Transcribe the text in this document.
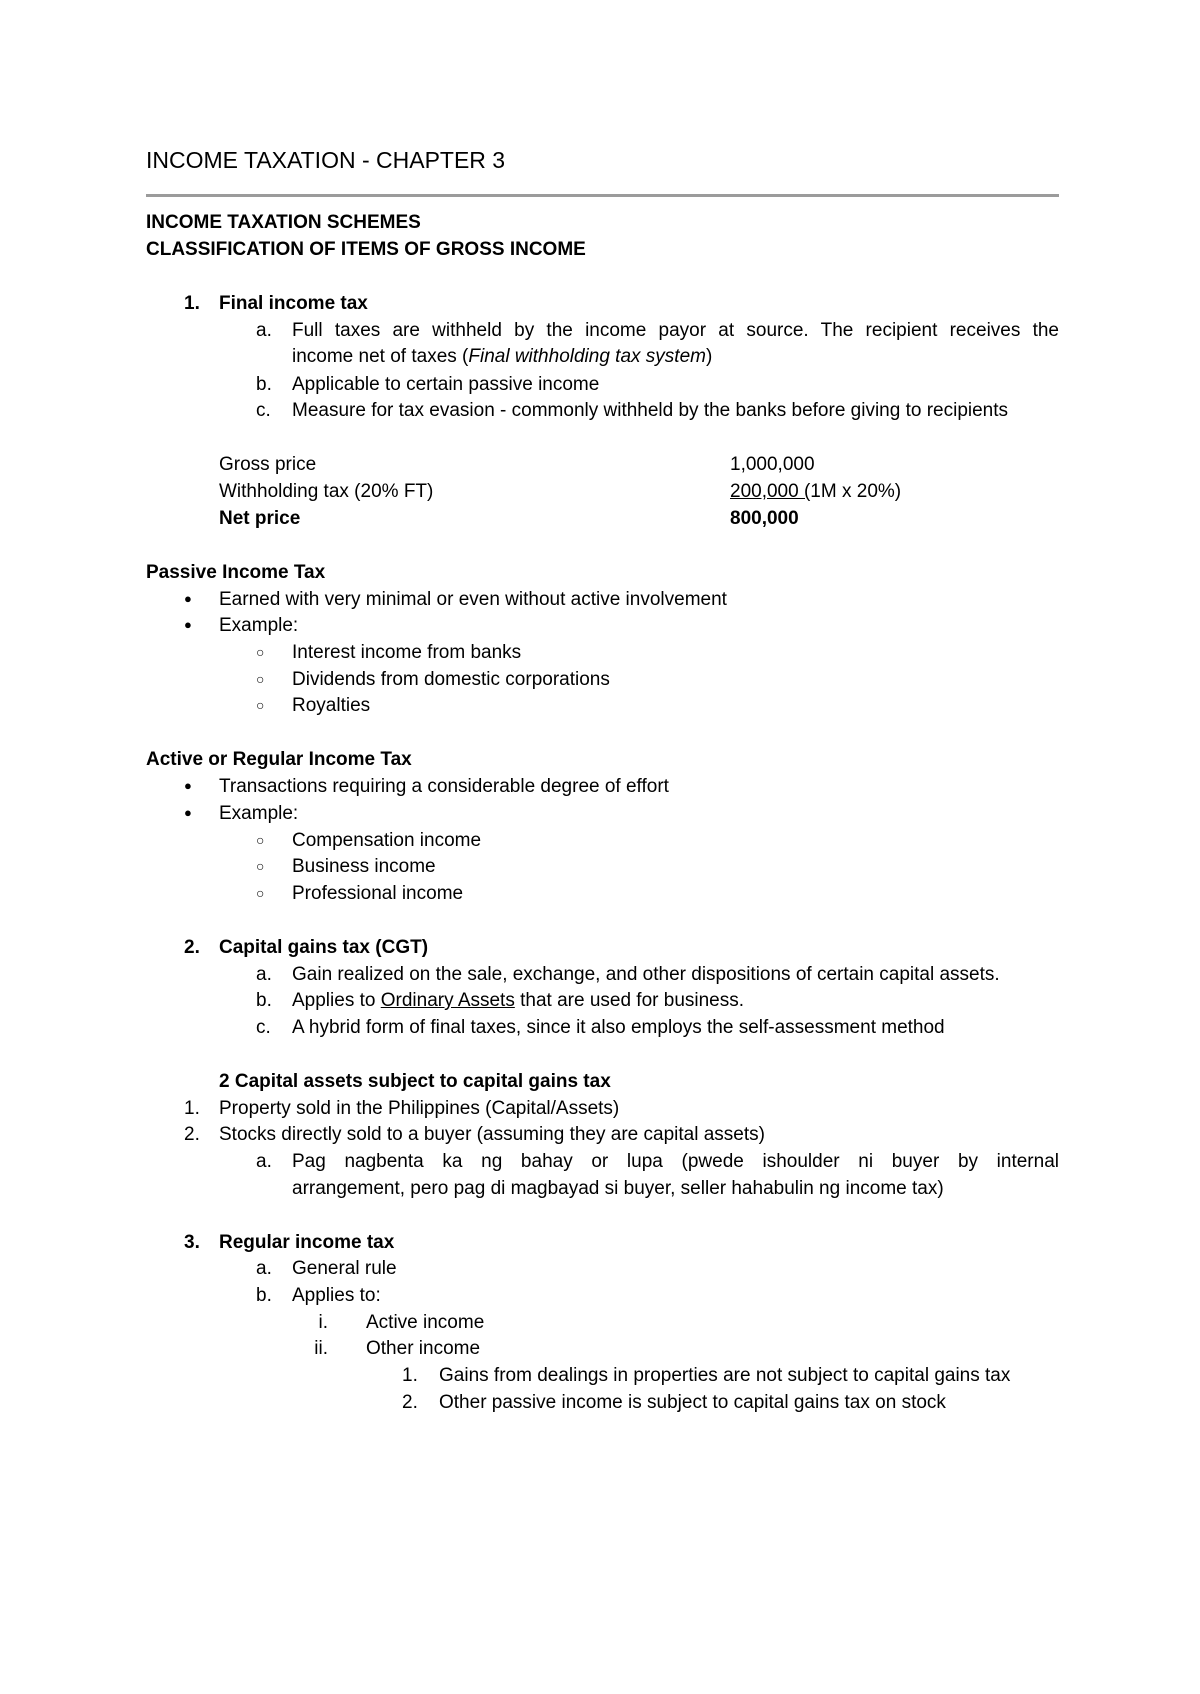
INCOME TAXATION - CHAPTER 3
INCOME TAXATION SCHEMES
CLASSIFICATION OF ITEMS OF GROSS INCOME
1. Final income tax
a. Full taxes are withheld by the income payor at source. The recipient receives the
income net of taxes (Final withholding tax system)
b. Applicable to certain passive income
c. Measure for tax evasion - commonly withheld by the banks before giving to recipients
Gross price	1,000,000
Withholding tax (20% FT)	200,000 (1M x 20%)
Net price	800,000
Passive Income Tax
● Earned with very minimal or even without active involvement
● Example:
○ Interest income from banks
○ Dividends from domestic corporations
○ Royalties
Active or Regular Income Tax
● Transactions requiring a considerable degree of effort
● Example:
○ Compensation income
○ Business income
○ Professional income
2. Capital gains tax (CGT)
a. Gain realized on the sale, exchange, and other dispositions of certain capital assets.
b. Applies to Ordinary Assets that are used for business.
c. A hybrid form of final taxes, since it also employs the self-assessment method
2 Capital assets subject to capital gains tax
1. Property sold in the Philippines (Capital/Assets)
2. Stocks directly sold to a buyer (assuming they are capital assets)
a. Pag nagbenta ka ng bahay or lupa (pwede ishoulder ni buyer by internal
arrangement, pero pag di magbayad si buyer, seller hahabulin ng income tax)
3. Regular income tax
a. General rule
b. Applies to:
i. Active income
ii. Other income
1. Gains from dealings in properties are not subject to capital gains tax
2. Other passive income is subject to capital gains tax on stock
